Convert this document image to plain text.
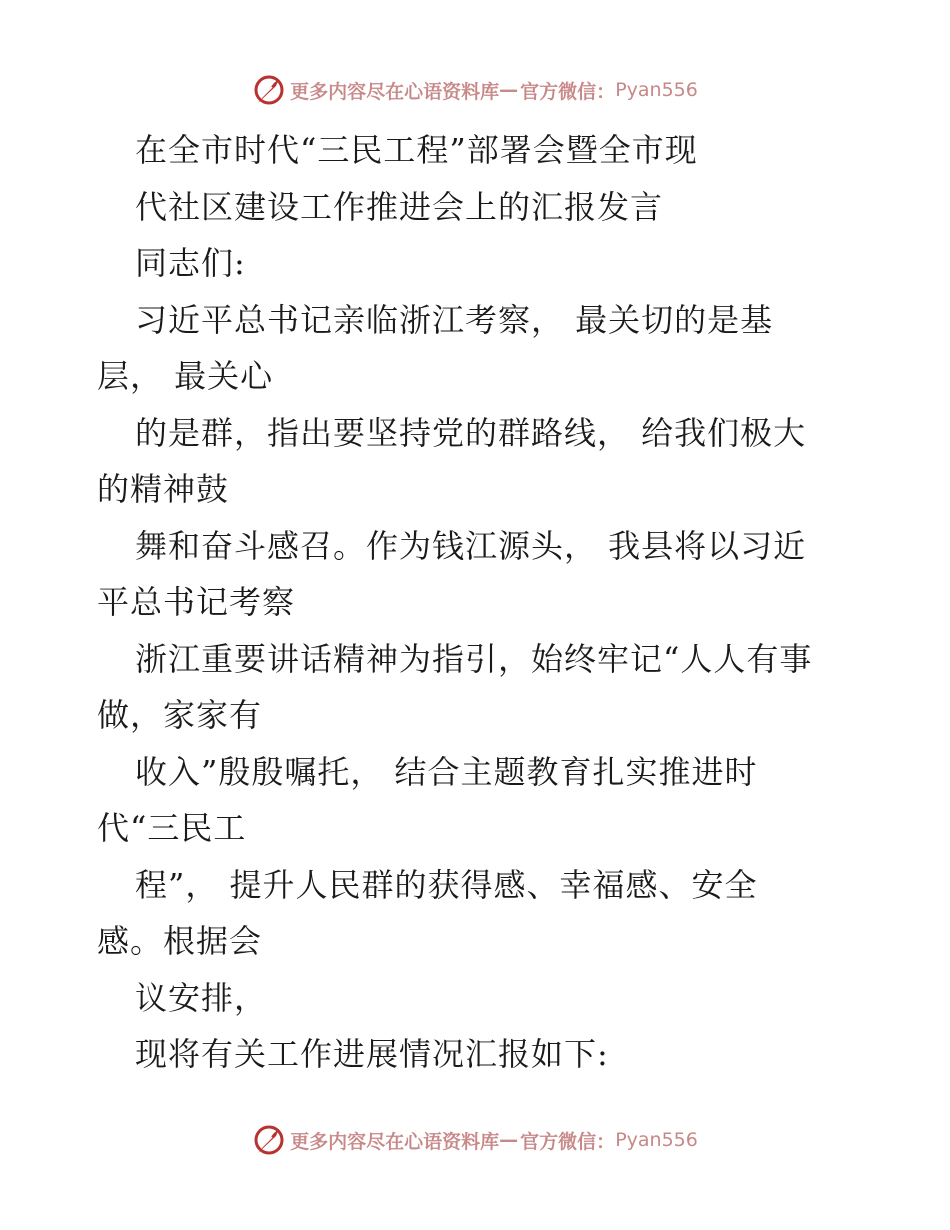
更多内容尽在心语资料库 — 官方微信： Pyan556
在全市时代“三民工程”部署会暨全市现
代社区建设工作推进会上的汇报发言
同志们:
习近平总书记亲临浙江考察， 最关切的是基
层， 最关心
的是群，指出要坚持党的群路线， 给我们极大
的精神鼓
舞和奋斗感召。作为钱江源头， 我县将以习近
平总书记考察
浙江重要讲话精神为指引，始终牢记“人人有事
做，家家有
收入”殷殷嘱托， 结合主题教育扎实推进时
代“三民工
程”， 提升人民群的获得感、幸福感、安全
感。根据会
议安排，
现将有关工作进展情况汇报如下:
更多内容尽在心语资料库 — 官方微信： Pyan556
